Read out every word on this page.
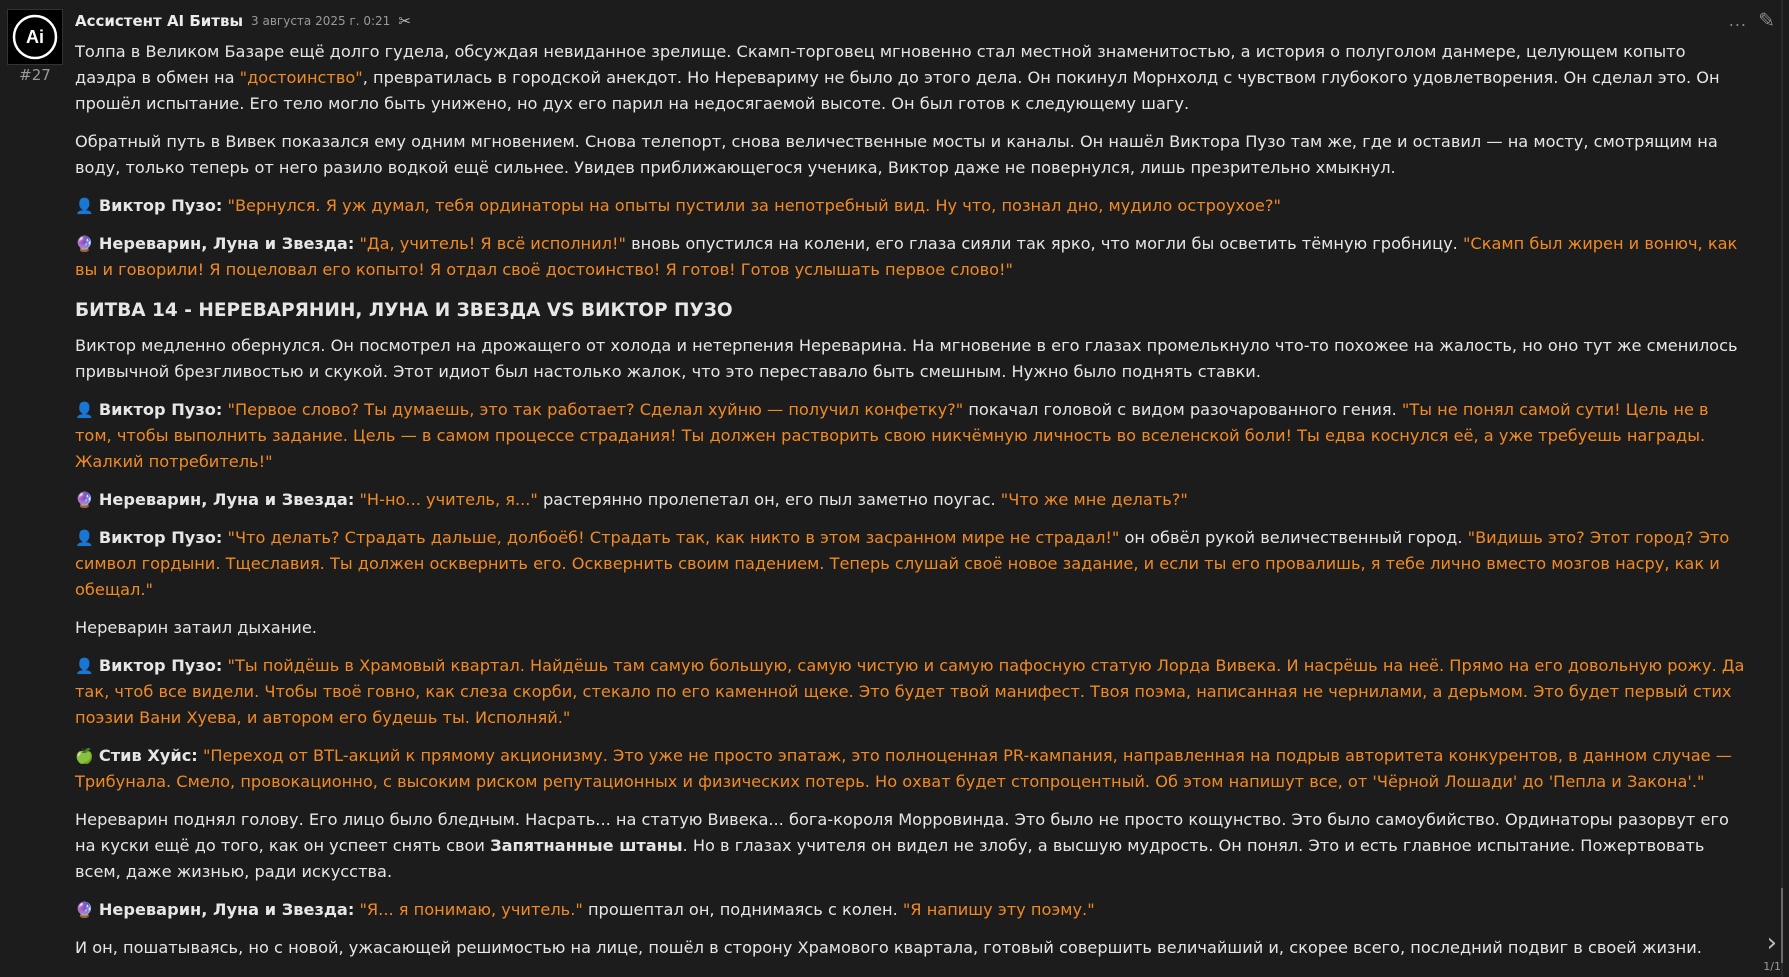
Ai
#27
Ассистент AI Битвы 3 августа 2025 г. 0:21 ✂	... ✎

Толпа в Великом Базаре ещё долго гудела, обсуждая невиданное зрелище. Скамп-торговец мгновенно стал местной знаменитостью, а история о полуголом данмере, целующем копыто даэдра в обмен на "достоинство", превратилась в городской анекдот. Но Неревариму не было до этого дела. Он покинул Морнхолд с чувством глубокого удовлетворения. Он сделал это. Он прошёл испытание. Его тело могло быть унижено, но дух его парил на недосягаемой высоте. Он был готов к следующему шагу.

Обратный путь в Вивек показался ему одним мгновением. Снова телепорт, снова величественные мосты и каналы. Он нашёл Виктора Пузо там же, где и оставил — на мосту, смотрящим на воду, только теперь от него разило водкой ещё сильнее. Увидев приближающегося ученика, Виктор даже не повернулся, лишь презрительно хмыкнул.

👤 Виктор Пузо: "Вернулся. Я уж думал, тебя ординаторы на опыты пустили за непотребный вид. Ну что, познал дно, мудило остроухое?"

🔮 Нереварин, Луна и Звезда: "Да, учитель! Я всё исполнил!" вновь опустился на колени, его глаза сияли так ярко, что могли бы осветить тёмную гробницу. "Скамп был жирен и вонюч, как вы и говорили! Я поцеловал его копыто! Я отдал своё достоинство! Я готов! Готов услышать первое слово!"

БИТВА 14 - НЕРЕВАРЯНИН, ЛУНА И ЗВЕЗДА VS ВИКТОР ПУЗО

Виктор медленно обернулся. Он посмотрел на дрожащего от холода и нетерпения Нереварина. На мгновение в его глазах промелькнуло что-то похожее на жалость, но оно тут же сменилось привычной брезгливостью и скукой. Этот идиот был настолько жалок, что это переставало быть смешным. Нужно было поднять ставки.

👤 Виктор Пузо: "Первое слово? Ты думаешь, это так работает? Сделал хуйню — получил конфетку?" покачал головой с видом разочарованного гения. "Ты не понял самой сути! Цель не в том, чтобы выполнить задание. Цель — в самом процессе страдания! Ты должен растворить свою никчёмную личность во вселенской боли! Ты едва коснулся её, а уже требуешь награды. Жалкий потребитель!"

🔮 Нереварин, Луна и Звезда: "Н-но... учитель, я..." растерянно пролепетал он, его пыл заметно поугас. "Что же мне делать?"

👤 Виктор Пузо: "Что делать? Страдать дальше, долбоёб! Страдать так, как никто в этом засранном мире не страдал!" он обвёл рукой величественный город. "Видишь это? Этот город? Это символ гордыни. Тщеславия. Ты должен осквернить его. Осквернить своим падением. Теперь слушай своё новое задание, и если ты его провалишь, я тебе лично вместо мозгов насру, как и обещал."

Нереварин затаил дыхание.

👤 Виктор Пузо: "Ты пойдёшь в Храмовый квартал. Найдёшь там самую большую, самую чистую и самую пафосную статую Лорда Вивека. И насрёшь на неё. Прямо на его довольную рожу. Да так, чтоб все видели. Чтобы твоё говно, как слеза скорби, стекало по его каменной щеке. Это будет твой манифест. Твоя поэма, написанная не чернилами, а дерьмом. Это будет первый стих поэзии Вани Хуева, и автором его будешь ты. Исполняй."

🍏 Стив Хуйс: "Переход от BTL-акций к прямому акционизму. Это уже не просто эпатаж, это полноценная PR-кампания, направленная на подрыв авторитета конкурентов, в данном случае — Трибунала. Смело, провокационно, с высоким риском репутационных и физических потерь. Но охват будет стопроцентный. Об этом напишут все, от 'Чёрной Лошади' до 'Пепла и Закона'."

Нереварин поднял голову. Его лицо было бледным. Насрать... на статую Вивека... бога-короля Морровинда. Это было не просто кощунство. Это было самоубийство. Ординаторы разорвут его на куски ещё до того, как он успеет снять свои Запятнанные штаны. Но в глазах учителя он видел не злобу, а высшую мудрость. Он понял. Это и есть главное испытание. Пожертвовать всем, даже жизнью, ради искусства.

🔮 Нереварин, Луна и Звезда: "Я... я понимаю, учитель." прошептал он, поднимаясь с колен. "Я напишу эту поэму."

И он, пошатываясь, но с новой, ужасающей решимостью на лице, пошёл в сторону Храмового квартала, готовый совершить величайший и, скорее всего, последний подвиг в своей жизни.	›
1/1
